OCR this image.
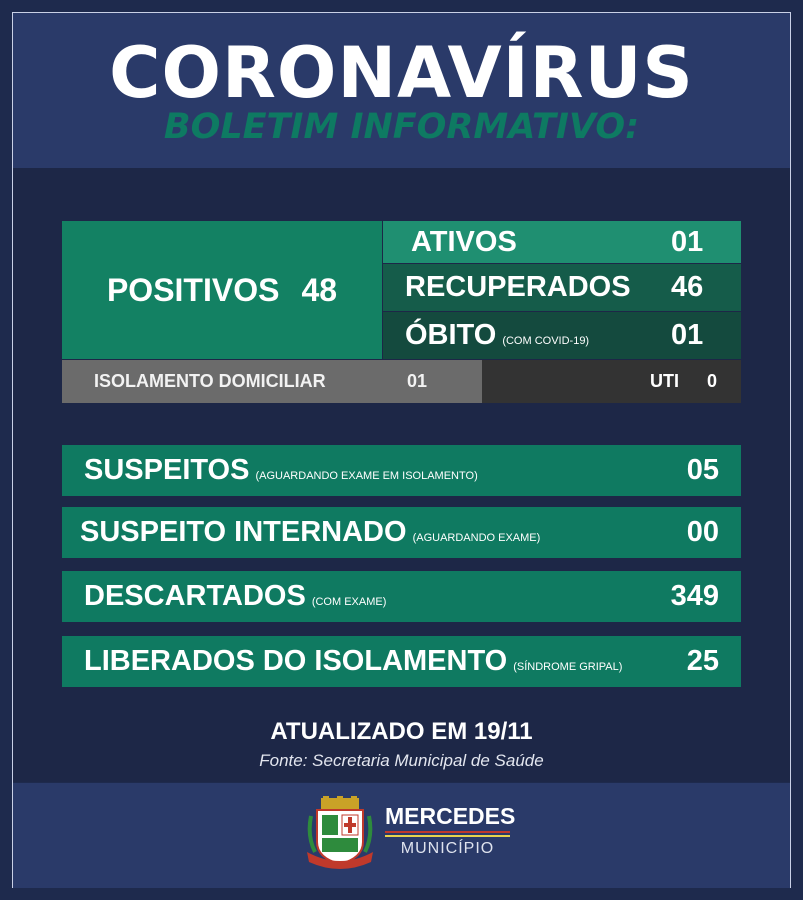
CORONAVÍRUS
BOLETIM INFORMATIVO:
POSITIVOS 48
ATIVOS	01
RECUPERADOS	46
ÓBITO (COM COVID-19)	01
ISOLAMENTO DOMICILIAR	01	UTI 0
SUSPEITOS (AGUARDANDO EXAME EM ISOLAMENTO)	05
SUSPEITO INTERNADO (AGUARDANDO EXAME)	00
DESCARTADOS (COM EXAME)	349
LIBERADOS DO ISOLAMENTO (SÍNDROME GRIPAL)	25
ATUALIZADO EM 19/11
Fonte: Secretaria Municipal de Saúde
MERCEDES
MUNICÍPIO
